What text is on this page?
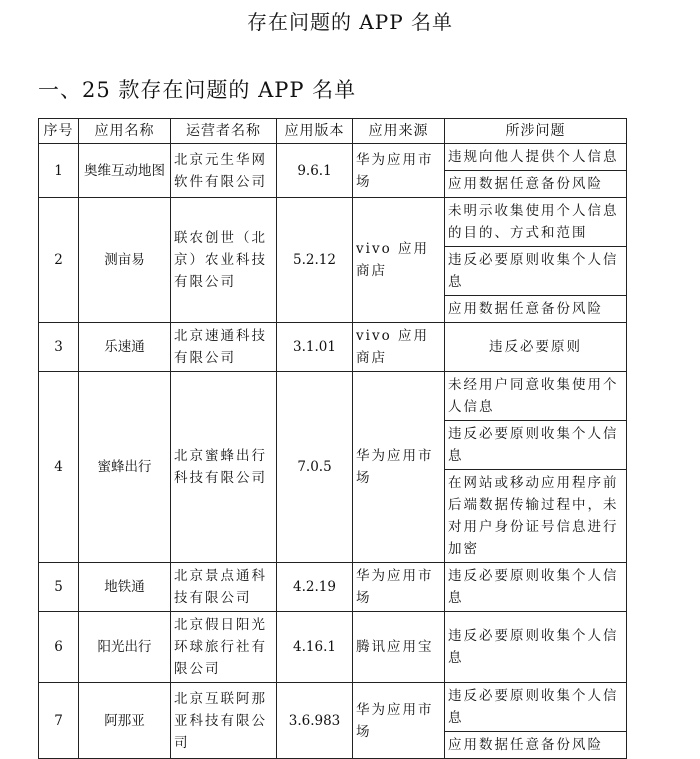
存在问题的 APP 名单
一、25 款存在问题的 APP 名单
序号	应用名称	运营者名称	应用版本	应用来源	所涉问题
1	奥维互动地图	北京元生华网软件有限公司	9.6.1	华为应用市场	违规向他人提供个人信息
					应用数据任意备份风险
2	测亩易	联农创世（北京）农业科技有限公司	5.2.12	vivo 应用商店	未明示收集使用个人信息的目的、方式和范围
					违反必要原则收集个人信息
					应用数据任意备份风险
3	乐速通	北京速通科技有限公司	3.1.01	vivo 应用商店	违反必要原则
4	蜜蜂出行	北京蜜蜂出行科技有限公司	7.0.5	华为应用市场	未经用户同意收集使用个人信息
					违反必要原则收集个人信息
					在网站或移动应用程序前后端数据传输过程中，未对用户身份证号信息进行加密
5	地铁通	北京景点通科技有限公司	4.2.19	华为应用市场	违反必要原则收集个人信息
6	阳光出行	北京假日阳光环球旅行社有限公司	4.16.1	腾讯应用宝	违反必要原则收集个人信息
7	阿那亚	北京互联阿那亚科技有限公司	3.6.983	华为应用市场	违反必要原则收集个人信息
					应用数据任意备份风险
